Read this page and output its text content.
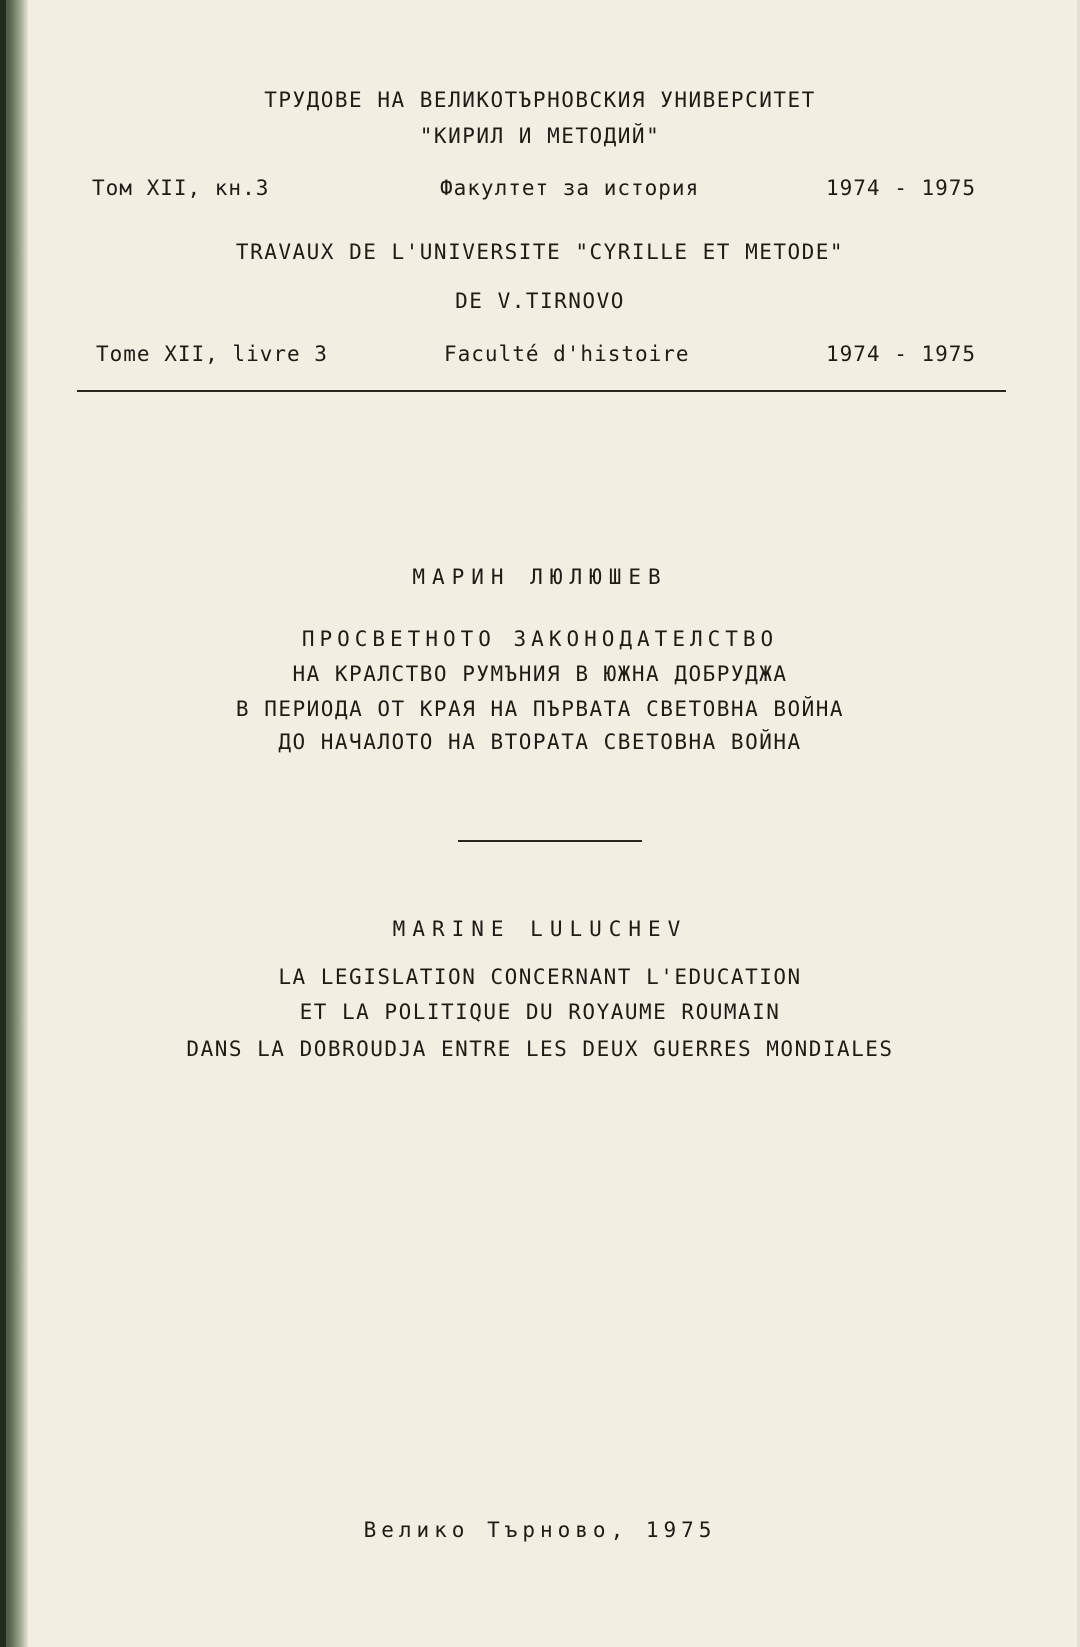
ТРУДОВЕ НА ВЕЛИКОТЪРНОВСКИЯ УНИВЕРСИТЕТ
"КИРИЛ И МЕТОДИЙ"
Том XII, кн.3	Факултет за история	1974 - 1975
TRAVAUX DE L'UNIVERSITE "CYRILLE ET METODE"
DE V.TIRNOVO
Tome XII, livre 3	Faculté d'histoire	1974 - 1975
МАРИН ЛЮЛЮШЕВ
ПРОСВЕТНОТО ЗАКОНОДАТЕЛСТВО
НА КРАЛСТВО РУМЪНИЯ В ЮЖНА ДОБРУДЖА
В ПЕРИОДА ОТ КРАЯ НА ПЪРВАТА СВЕТОВНА ВОЙНА
ДО НАЧАЛОТО НА ВТОРАТА СВЕТОВНА ВОЙНА
MARINE LULUCHEV
LA LEGISLATION CONCERNANT L'EDUCATION
ET LA POLITIQUE DU ROYAUME ROUMAIN
DANS LA DOBROUDJA ENTRE LES DEUX GUERRES MONDIALES
Велико Търново, 1975
